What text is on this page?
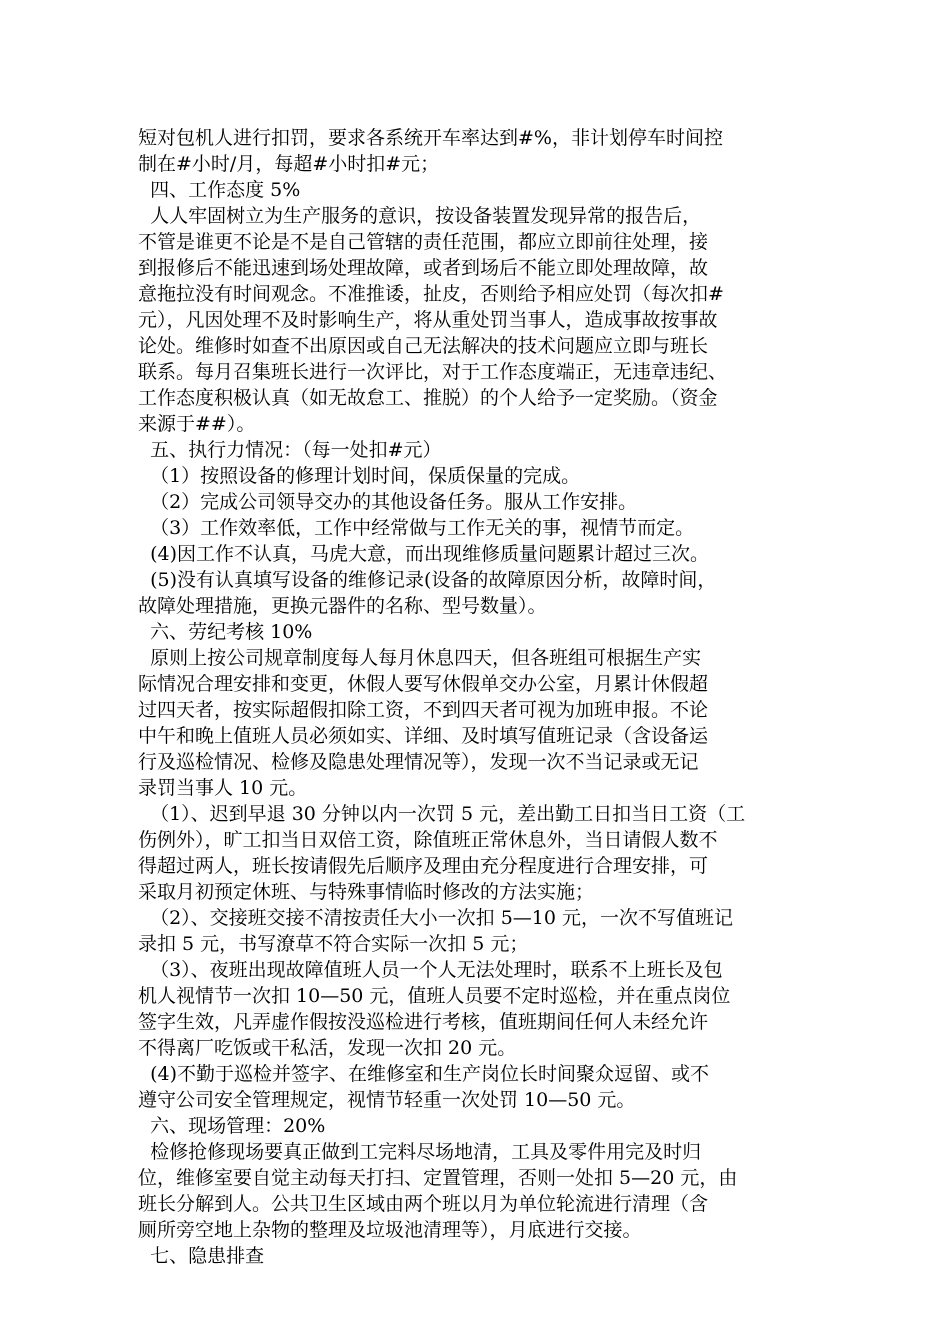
短对包机人进行扣罚，要求各系统开车率达到#%，非计划停车时间控
制在#小时/月，每超#小时扣#元；
四、工作态度 5%
人人牢固树立为生产服务的意识，按设备装置发现异常的报告后，
不管是谁更不论是不是自己管辖的责任范围，都应立即前往处理，接
到报修后不能迅速到场处理故障，或者到场后不能立即处理故障，故
意拖拉没有时间观念。不准推诿，扯皮，否则给予相应处罚（每次扣#
元），凡因处理不及时影响生产，将从重处罚当事人，造成事故按事故
论处。维修时如查不出原因或自己无法解决的技术问题应立即与班长
联系。每月召集班长进行一次评比，对于工作态度端正，无违章违纪、
工作态度积极认真（如无故怠工、推脱）的个人给予一定奖励。（资金
来源于##）。
五、执行力情况：（每一处扣#元）
（1）按照设备的修理计划时间，保质保量的完成。
（2）完成公司领导交办的其他设备任务。服从工作安排。
（3）工作效率低，工作中经常做与工作无关的事，视情节而定。
(4)因工作不认真，马虎大意，而出现维修质量问题累计超过三次。
(5)没有认真填写设备的维修记录(设备的故障原因分析，故障时间，
故障处理措施，更换元器件的名称、型号数量）。
六、劳纪考核 10%
原则上按公司规章制度每人每月休息四天，但各班组可根据生产实
际情况合理安排和变更，休假人要写休假单交办公室，月累计休假超
过四天者，按实际超假扣除工资，不到四天者可视为加班申报。不论
中午和晚上值班人员必须如实、详细、及时填写值班记录（含设备运
行及巡检情况、检修及隐患处理情况等），发现一次不当记录或无记
录罚当事人 10 元。
（1）、迟到早退 30 分钟以内一次罚 5 元，差出勤工日扣当日工资（工
伤例外），旷工扣当日双倍工资，除值班正常休息外，当日请假人数不
得超过两人，班长按请假先后顺序及理由充分程度进行合理安排，可
采取月初预定休班、与特殊事情临时修改的方法实施；
（2）、交接班交接不清按责任大小一次扣 5—10 元，一次不写值班记
录扣 5 元，书写潦草不符合实际一次扣 5 元；
（3）、夜班出现故障值班人员一个人无法处理时，联系不上班长及包
机人视情节一次扣 10—50 元，值班人员要不定时巡检，并在重点岗位
签字生效，凡弄虚作假按没巡检进行考核，值班期间任何人未经允许
不得离厂吃饭或干私活，发现一次扣 20 元。
(4)不勤于巡检并签字、在维修室和生产岗位长时间聚众逗留、或不
遵守公司安全管理规定，视情节轻重一次处罚 10—50 元。
六、现场管理：20%
检修抢修现场要真正做到工完料尽场地清，工具及零件用完及时归
位，维修室要自觉主动每天打扫、定置管理，否则一处扣 5—20 元，由
班长分解到人。公共卫生区域由两个班以月为单位轮流进行清理（含
厕所旁空地上杂物的整理及垃圾池清理等），月底进行交接。
七、隐患排查
